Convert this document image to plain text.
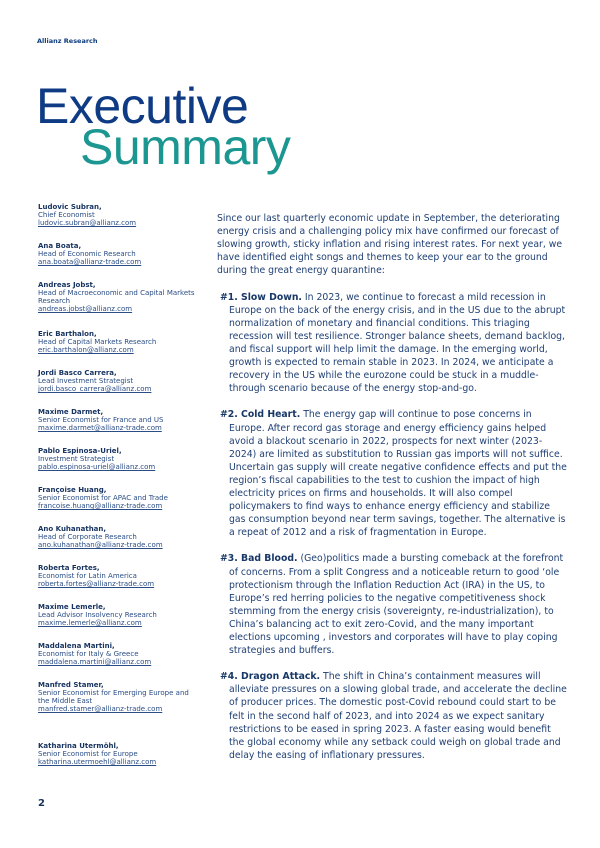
Allianz Research
Executive
Summary
Ludovic Subran,
Chief Economist
ludovic.subran@allianz.com
Ana Boata,
Head of Economic Research
ana.boata@allianz-trade.com
Andreas Jobst,
Head of Macroeconomic and Capital Markets Research
andreas.jobst@allianz.com
Eric Barthalon,
Head of Capital Markets Research
eric.barthalon@allianz.com
Jordi Basco Carrera,
Lead Investment Strategist
jordi.basco_carrera@allianz.com
Maxime Darmet,
Senior Economist for France and US
maxime.darmet@allianz-trade.com
Pablo Espinosa-Uriel,
Investment Strategist
pablo.espinosa-uriel@allianz.com
Françoise Huang,
Senior Economist for APAC and Trade
francoise.huang@allianz-trade.com
Ano Kuhanathan,
Head of Corporate Research
ano.kuhanathan@allianz-trade.com
Roberta Fortes,
Economist for Latin America
roberta.fortes@allianz-trade.com
Maxime Lemerle,
Lead Advisor Insolvency Research
maxime.lemerle@allianz.com
Maddalena Martini,
Economist for Italy & Greece
maddalena.martini@allianz.com
Manfred Stamer,
Senior Economist for Emerging Europe and the Middle East
manfred.stamer@allianz-trade.com
Katharina Utermöhl,
Senior Economist for Europe
katharina.utermoehl@allianz.com

Since our last quarterly economic update in September, the deteriorating energy crisis and a challenging policy mix have confirmed our forecast of slowing growth, sticky inflation and rising interest rates. For next year, we have identified eight songs and themes to keep your ear to the ground during the great energy quarantine:

#1. Slow Down. In 2023, we continue to forecast a mild recession in Europe on the back of the energy crisis, and in the US due to the abrupt normalization of monetary and financial conditions. This triaging recession will test resilience. Stronger balance sheets, demand backlog, and fiscal support will help limit the damage. In the emerging world, growth is expected to remain stable in 2023. In 2024, we anticipate a recovery in the US while the eurozone could be stuck in a muddle-through scenario because of the energy stop-and-go.

#2. Cold Heart. The energy gap will continue to pose concerns in Europe. After record gas storage and energy efficiency gains helped avoid a blackout scenario in 2022, prospects for next winter (2023-2024) are limited as substitution to Russian gas imports will not suffice. Uncertain gas supply will create negative confidence effects and put the region’s fiscal capabilities to the test to cushion the impact of high electricity prices on firms and households. It will also compel policymakers to find ways to enhance energy efficiency and stabilize gas consumption beyond near term savings, together. The alternative is a repeat of 2012 and a risk of fragmentation in Europe.

#3. Bad Blood. (Geo)politics made a bursting comeback at the forefront of concerns. From a split Congress and a noticeable return to good ‘ole protectionism through the Inflation Reduction Act (IRA) in the US, to Europe’s red herring policies to the negative competitiveness shock stemming from the energy crisis (sovereignty, re-industrialization), to China’s balancing act to exit zero-Covid, and the many important elections upcoming , investors and corporates will have to play coping strategies and buffers.

#4. Dragon Attack. The shift in China’s containment measures will alleviate pressures on a slowing global trade, and accelerate the decline of producer prices. The domestic post-Covid rebound could start to be felt in the second half of 2023, and into 2024 as we expect sanitary restrictions to be eased in spring 2023. A faster easing would benefit the global economy while any setback could weigh on global trade and delay the easing of inflationary pressures.

2
